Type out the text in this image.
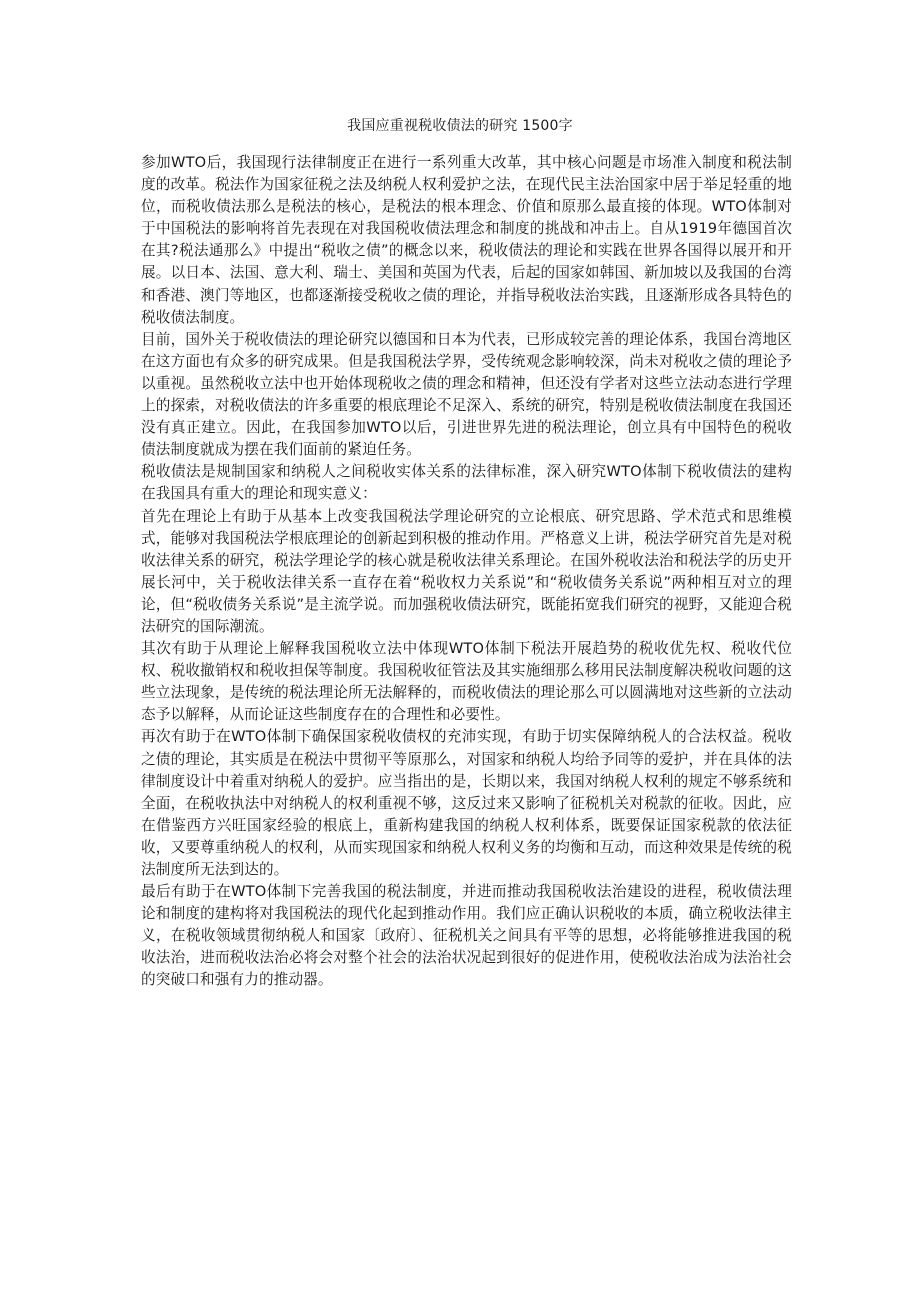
我国应重视税收债法的研究 1500字

参加WTO后，我国现行法律制度正在进行一系列重大改革，其中核心问题是市场准入制度和税法制度的改革。税法作为国家征税之法及纳税人权利爱护之法，在现代民主法治国家中居于举足轻重的地位，而税收债法那么是税法的核心，是税法的根本理念、价值和原那么最直接的体现。WTO体制对于中国税法的影响将首先表现在对我国税收债法理念和制度的挑战和冲击上。自从1919年德国首次在其?税法通那么》中提出“税收之债”的概念以来，税收债法的理论和实践在世界各国得以展开和开展。以日本、法国、意大利、瑞士、美国和英国为代表，后起的国家如韩国、新加坡以及我国的台湾和香港、澳门等地区，也都逐渐接受税收之债的理论，并指导税收法治实践，且逐渐形成各具特色的税收债法制度。

目前，国外关于税收债法的理论研究以德国和日本为代表，已形成较完善的理论体系，我国台湾地区在这方面也有众多的研究成果。但是我国税法学界，受传统观念影响较深，尚未对税收之债的理论予以重视。虽然税收立法中也开始体现税收之债的理念和精神，但还没有学者对这些立法动态进行学理上的探索，对税收债法的许多重要的根底理论不足深入、系统的研究，特别是税收债法制度在我国还没有真正建立。因此，在我国参加WTO以后，引进世界先进的税法理论，创立具有中国特色的税收债法制度就成为摆在我们面前的紧迫任务。

税收债法是规制国家和纳税人之间税收实体关系的法律标准，深入研究WTO体制下税收债法的建构在我国具有重大的理论和现实意义：

首先在理论上有助于从基本上改变我国税法学理论研究的立论根底、研究思路、学术范式和思维模式，能够对我国税法学根底理论的创新起到积极的推动作用。严格意义上讲，税法学研究首先是对税收法律关系的研究，税法学理论学的核心就是税收法律关系理论。在国外税收法治和税法学的历史开展长河中，关于税收法律关系一直存在着“税收权力关系说”和“税收债务关系说”两种相互对立的理论，但“税收债务关系说”是主流学说。而加强税收债法研究，既能拓宽我们研究的视野，又能迎合税法研究的国际潮流。

其次有助于从理论上解释我国税收立法中体现WTO体制下税法开展趋势的税收优先权、税收代位权、税收撤销权和税收担保等制度。我国税收征管法及其实施细那么移用民法制度解决税收问题的这些立法现象，是传统的税法理论所无法解释的，而税收债法的理论那么可以圆满地对这些新的立法动态予以解释，从而论证这些制度存在的合理性和必要性。

再次有助于在WTO体制下确保国家税收债权的充沛实现，有助于切实保障纳税人的合法权益。税收之债的理论，其实质是在税法中贯彻平等原那么，对国家和纳税人均给予同等的爱护，并在具体的法律制度设计中着重对纳税人的爱护。应当指出的是，长期以来，我国对纳税人权利的规定不够系统和全面，在税收执法中对纳税人的权利重视不够，这反过来又影响了征税机关对税款的征收。因此，应在借鉴西方兴旺国家经验的根底上，重新构建我国的纳税人权利体系，既要保证国家税款的依法征收，又要尊重纳税人的权利，从而实现国家和纳税人权利义务的均衡和互动，而这种效果是传统的税法制度所无法到达的。

最后有助于在WTO体制下完善我国的税法制度，并进而推动我国税收法治建设的进程，税收债法理论和制度的建构将对我国税法的现代化起到推动作用。我们应正确认识税收的本质，确立税收法律主义，在税收领域贯彻纳税人和国家〔政府〕、征税机关之间具有平等的思想，必将能够推进我国的税收法治，进而税收法治必将会对整个社会的法治状况起到很好的促进作用，使税收法治成为法治社会的突破口和强有力的推动器。
